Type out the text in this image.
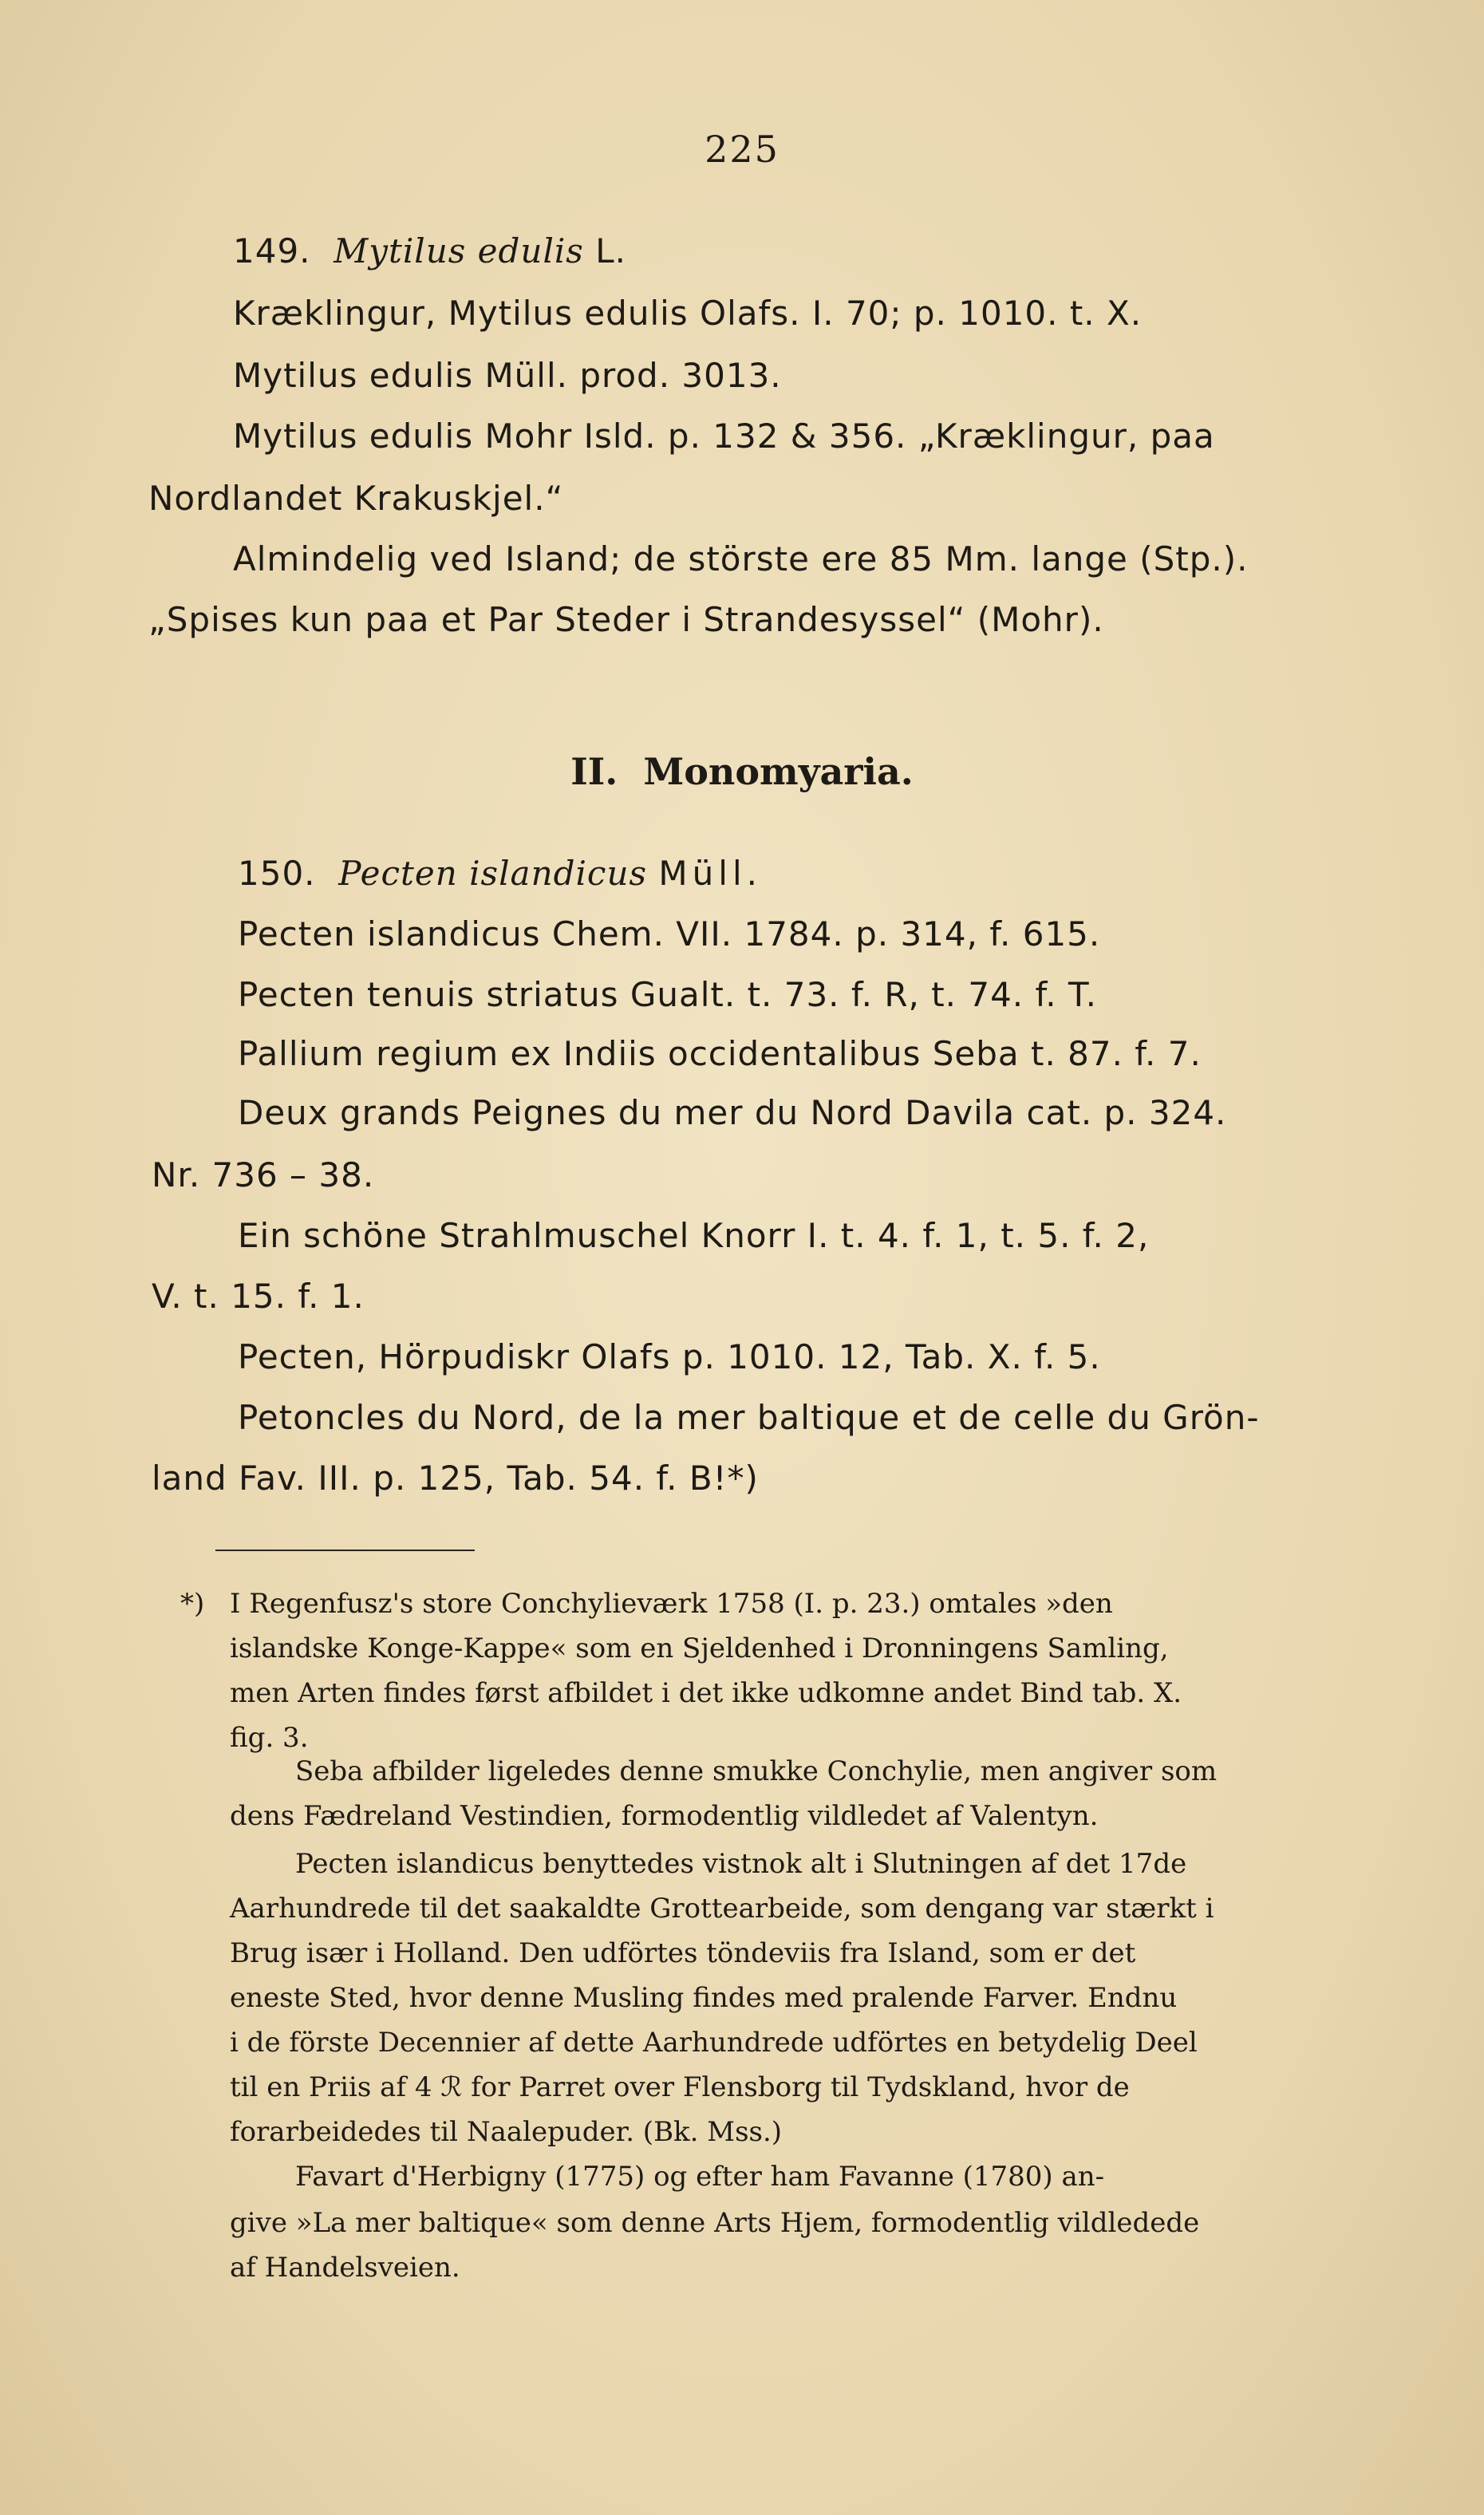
225
149. Mytilus edulis L.
Kræklingur, Mytilus edulis Olafs. I. 70; p. 1010. t. X.
Mytilus edulis Müll. prod. 3013.
Mytilus edulis Mohr Isld. p. 132 & 356. „Kræklingur, paa
Nordlandet Krakuskjel.“
Almindelig ved Island; de störste ere 85 Mm. lange (Stp.).
„Spises kun paa et Par Steder i Strandesyssel“ (Mohr).
II. Monomyaria.
150. Pecten islandicus Müll.
Pecten islandicus Chem. VII. 1784. p. 314, f. 615.
Pecten tenuis striatus Gualt. t. 73. f. R, t. 74. f. T.
Pallium regium ex Indiis occidentalibus Seba t. 87. f. 7.
Deux grands Peignes du mer du Nord Davila cat. p. 324.
Nr. 736 – 38.
Ein schöne Strahlmuschel Knorr I. t. 4. f. 1, t. 5. f. 2,
V. t. 15. f. 1.
Pecten, Hörpudiskr Olafs p. 1010. 12, Tab. X. f. 5.
Petoncles du Nord, de la mer baltique et de celle du Grön-
land Fav. III. p. 125, Tab. 54. f. B!*)
*) I Regenfusz's store Conchylieværk 1758 (I. p. 23.) omtales »den
islandske Konge-Kappe« som en Sjeldenhed i Dronningens Samling,
men Arten findes først afbildet i det ikke udkomne andet Bind tab. X.
fig. 3.
Seba afbilder ligeledes denne smukke Conchylie, men angiver som
dens Fædreland Vestindien, formodentlig vildledet af Valentyn.
Pecten islandicus benyttedes vistnok alt i Slutningen af det 17de
Aarhundrede til det saakaldte Grottearbeide, som dengang var stærkt i
Brug især i Holland. Den udförtes töndeviis fra Island, som er det
eneste Sted, hvor denne Musling findes med pralende Farver. Endnu
i de förste Decennier af dette Aarhundrede udförtes en betydelig Deel
til en Priis af 4 ℛ for Parret over Flensborg til Tydskland, hvor de
forarbeidedes til Naalepuder. (Bk. Mss.)
Favart d'Herbigny (1775) og efter ham Favanne (1780) an-
give »La mer baltique« som denne Arts Hjem, formodentlig vildledede
af Handelsveien.
